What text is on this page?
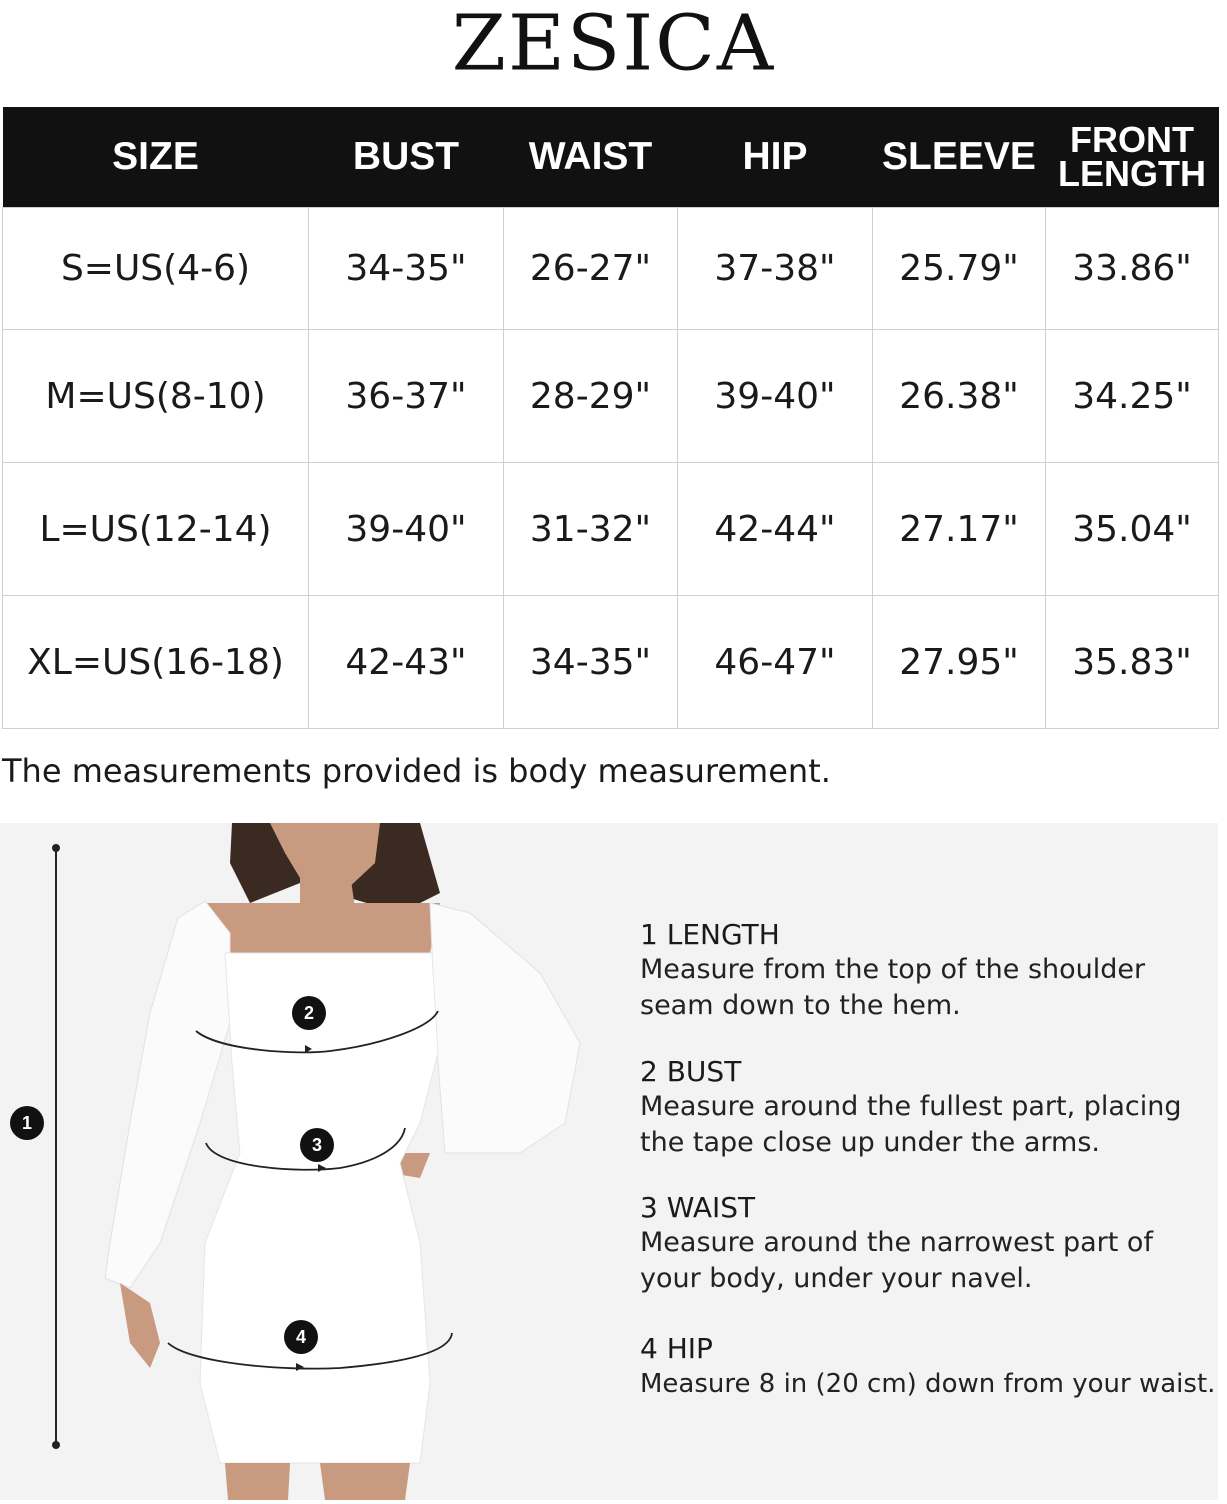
ZESICA
SIZE	BUST	WAIST	HIP	SLEEVE	FRONT
LENGTH
S=US(4-6)	34-35"	26-27"	37-38"	25.79"	33.86"
M=US(8-10)	36-37"	28-29"	39-40"	26.38"	34.25"
L=US(12-14)	39-40"	31-32"	42-44"	27.17"	35.04"
XL=US(16-18)	42-43"	34-35"	46-47"	27.95"	35.83"
The measurements provided is body measurement.
1
2
3
4
1 LENGTH
Measure from the top of the shoulder
seam down to the hem.
2 BUST
Measure around the fullest part, placing
the tape close up under the arms.
3 WAIST
Measure around the narrowest part of
your body, under your navel.
4 HIP
Measure 8 in (20 cm) down from your waist.
